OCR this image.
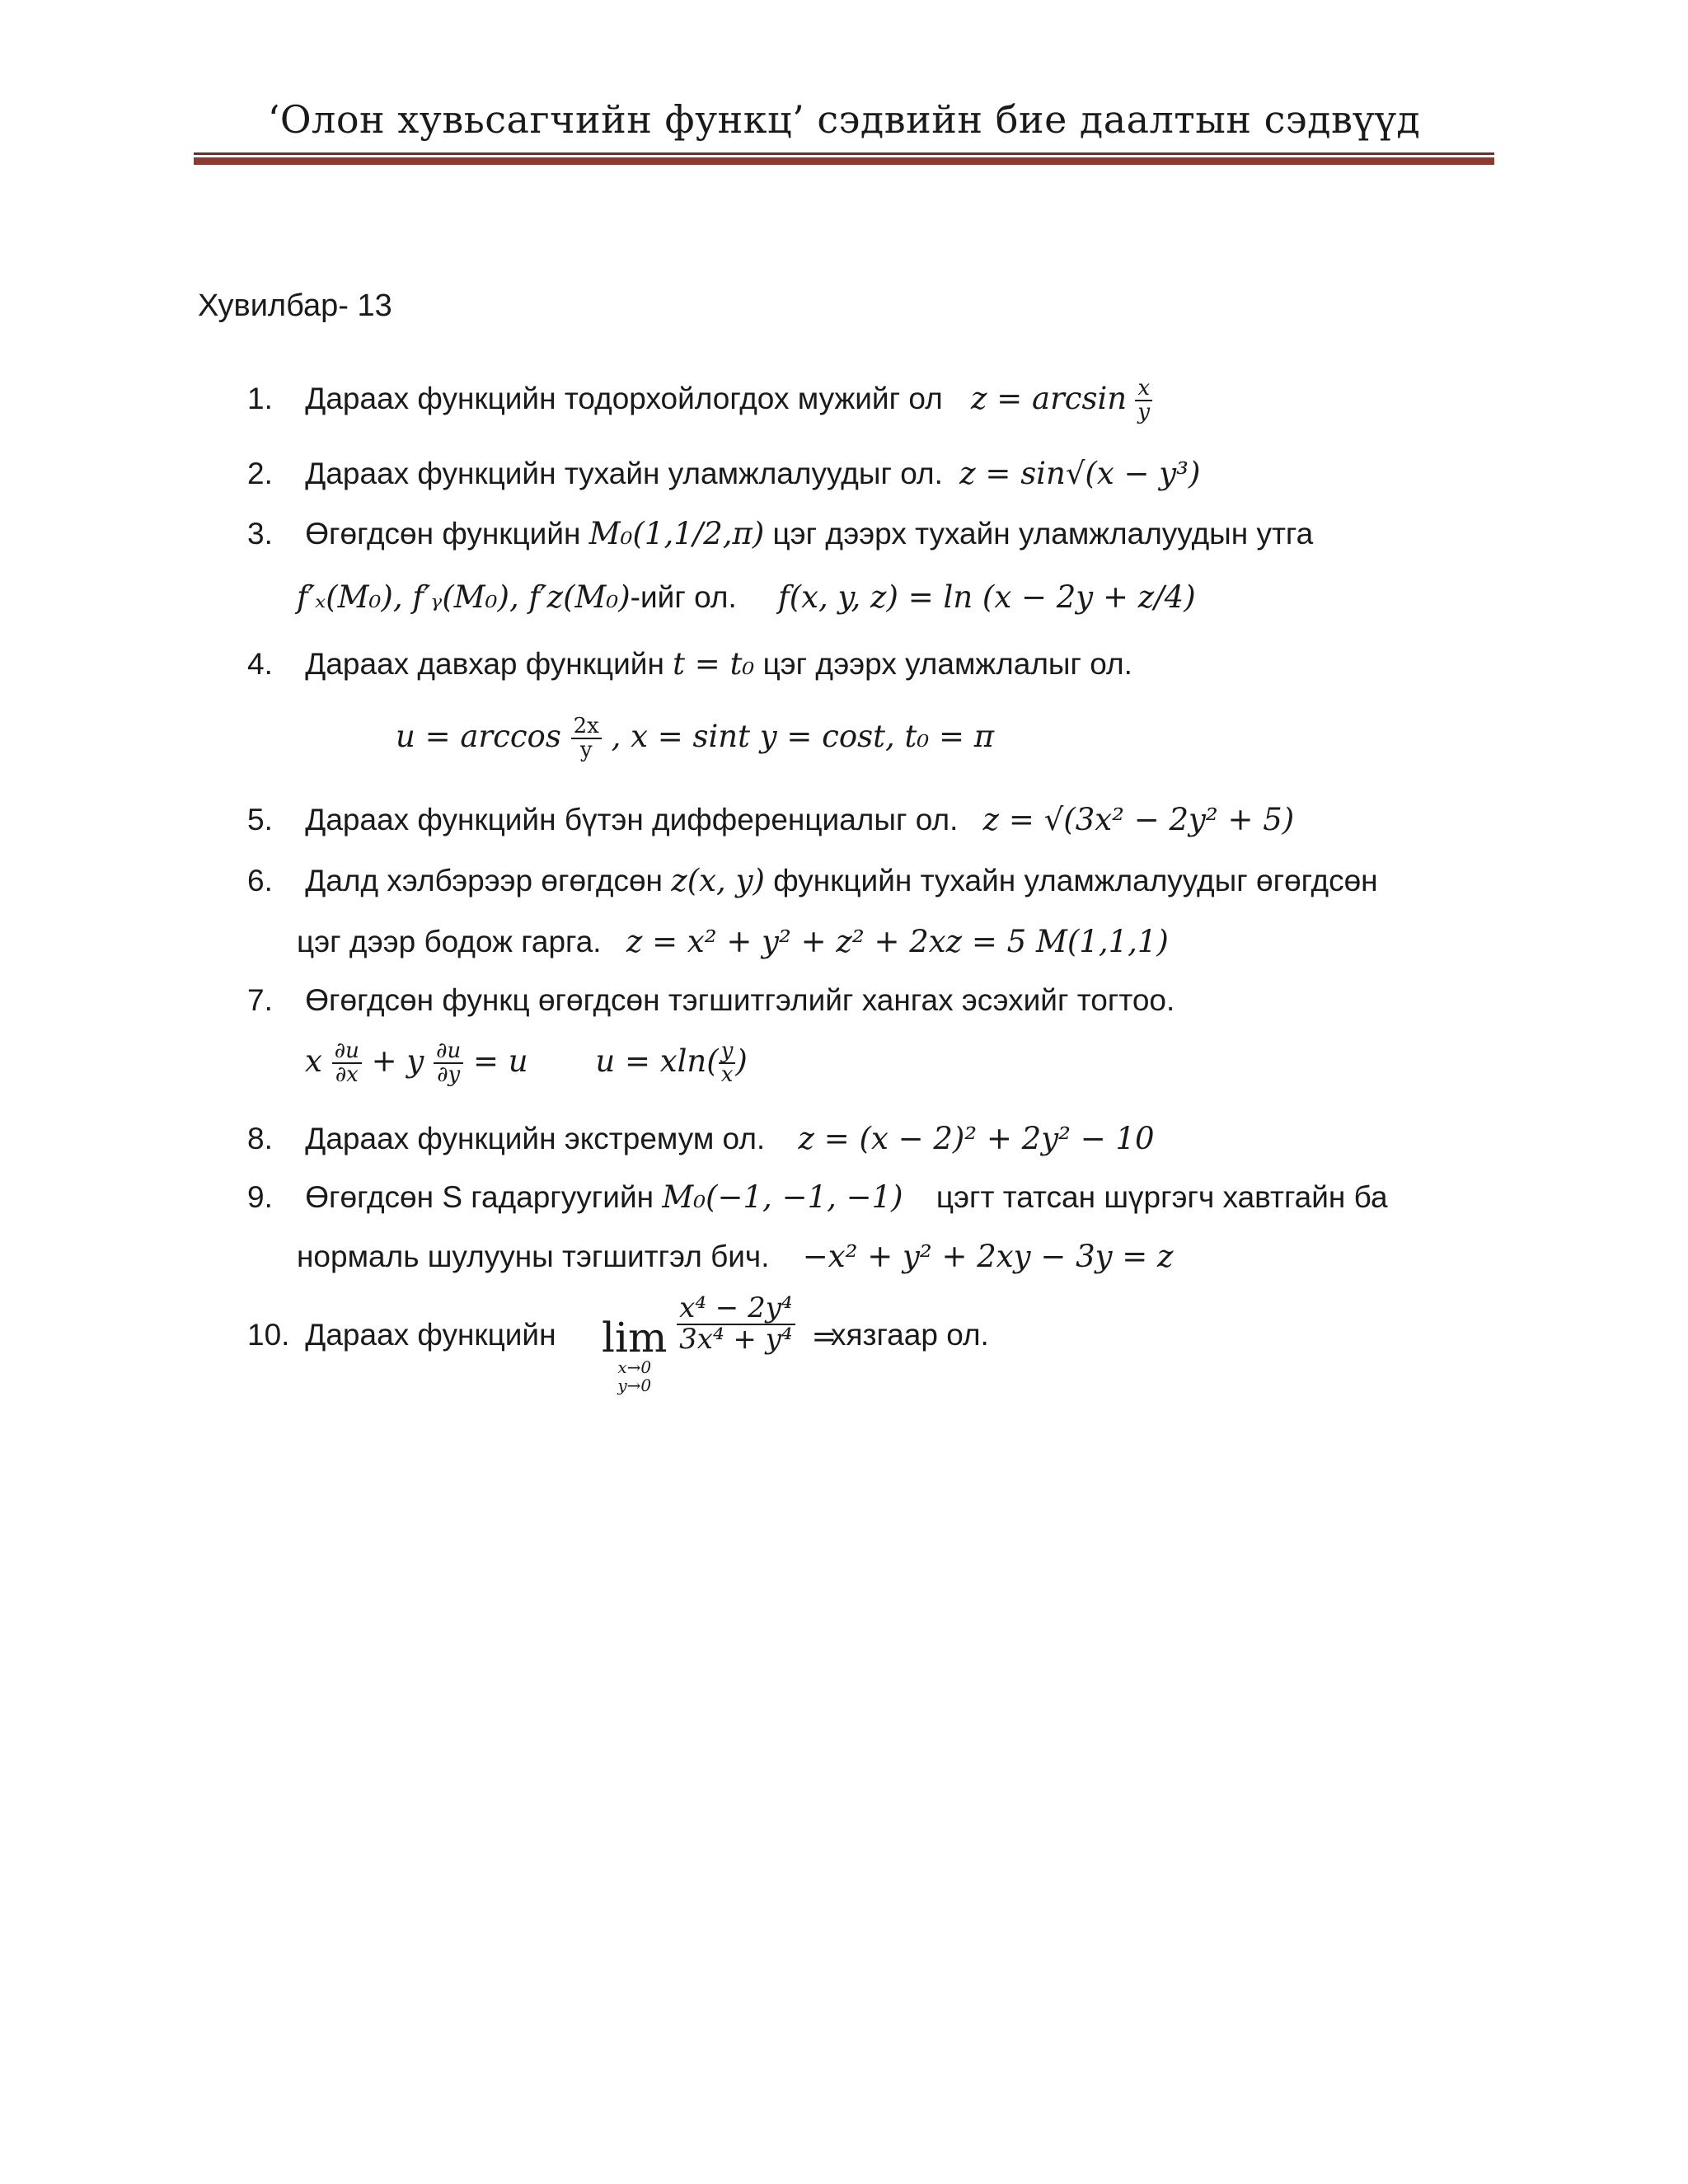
‘Олон хувьсагчийн функц’ сэдвийн бие даалтын сэдвүүд
Хувилбар- 13
1. Дараах функцийн тодорхойлогдох мужийг ол $z = \arcsin \frac{x}{y}$
2. Дараах функцийн тухайн уламжлалуудыг ол. z = sin√(x − y³)
3. Өгөгдсөн функцийн M₀(1,1/2,π) цэг дээрх тухайн уламжлалуудын утга
f′ₓ(M₀), f′ᵧ(M₀), f′z(M₀)-ийг ол. f(x, y, z) = ln (x − 2y + z/4)
4. Дараах давхар функцийн t = t₀ цэг дээрх уламжлалыг ол.
$u = \arccos \frac{2x}{y}$ , x = sint y = cost, t₀ = π
5. Дараах функцийн бүтэн дифференциалыг ол. z = √(3x² − 2y² + 5)
6. Далд хэлбэрээр өгөгдсөн z(x, y) функцийн тухайн уламжлалуудыг өгөгдсөн
цэг дээр бодож гарга. z = x² + y² + z² + 2xz = 5 M(1,1,1)
7. Өгөгдсөн функц өгөгдсөн тэгшитгэлийг хангах эсэхийг тогтоо.
x $\frac{\partial u}{\partial x} + y \frac{\partial u}{\partial y} = u$ $u = xln( \frac{y}{x}$ )
8. Дараах функцийн экстремум ол. z = (x − 2)² + 2y² − 10
9. Өгөгдсөн S гадаргуугийн M₀(−1, −1, −1) цэгт татсан шүргэгч хавтгайн ба
нормаль шулууны тэгшитгэл бич. −x² + y² + 2xy − 3y = z
10. Дараах функцийн lim
x→0
y→0

$\frac{\text{x⁴ − 2y⁴}}{\text{3x⁴ + y⁴}}$ =
хязгаар ол.
